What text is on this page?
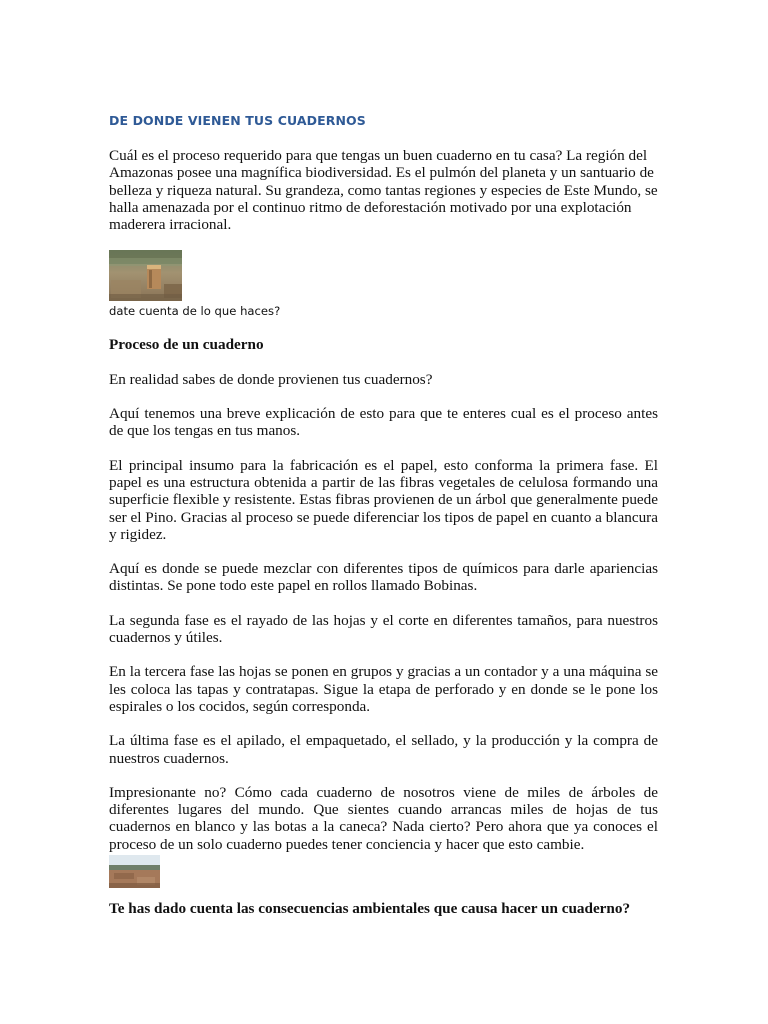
DE DONDE VIENEN TUS CUADERNOS

Cuál es el proceso requerido para que tengas un buen cuaderno en tu casa? La región del Amazonas posee una magnífica biodiversidad. Es el pulmón del planeta y un santuario de belleza y riqueza natural. Su grandeza, como tantas regiones y especies de Este Mundo, se halla amenazada por el continuo ritmo de deforestación motivado por una explotación maderera irracional.

date cuenta de lo que haces?
Proceso de un cuaderno

En realidad sabes de donde provienen tus cuadernos?

Aquí tenemos una breve explicación de esto para que te enteres cual es el proceso antes de que los tengas en tus manos.

El principal insumo para la fabricación es el papel, esto conforma la primera fase. El papel es una estructura obtenida a partir de las fibras vegetales de celulosa formando una superficie flexible y resistente. Estas fibras provienen de un árbol que generalmente puede ser el Pino. Gracias al proceso se puede diferenciar los tipos de papel en cuanto a blancura y rigidez.

Aquí es donde se puede mezclar con diferentes tipos de químicos para darle apariencias distintas. Se pone todo este papel en rollos llamado Bobinas.

La segunda fase es el rayado de las hojas y el corte en diferentes tamaños, para nuestros cuadernos y útiles.

En la tercera fase las hojas se ponen en grupos y gracias a un contador y a una máquina se les coloca las tapas y contratapas. Sigue la etapa de perforado y en donde se le pone los espirales o los cocidos, según corresponda.

La última fase es el apilado, el empaquetado, el sellado, y la producción y la compra de nuestros cuadernos.

Impresionante no? Cómo cada cuaderno de nosotros viene de miles de árboles de diferentes lugares del mundo. Que sientes cuando arrancas miles de hojas de tus cuadernos en blanco y las botas a la caneca? Nada cierto? Pero ahora que ya conoces el proceso de un solo cuaderno puedes tener conciencia y hacer que esto cambie.

Te has dado cuenta las consecuencias ambientales que causa hacer un cuaderno?
